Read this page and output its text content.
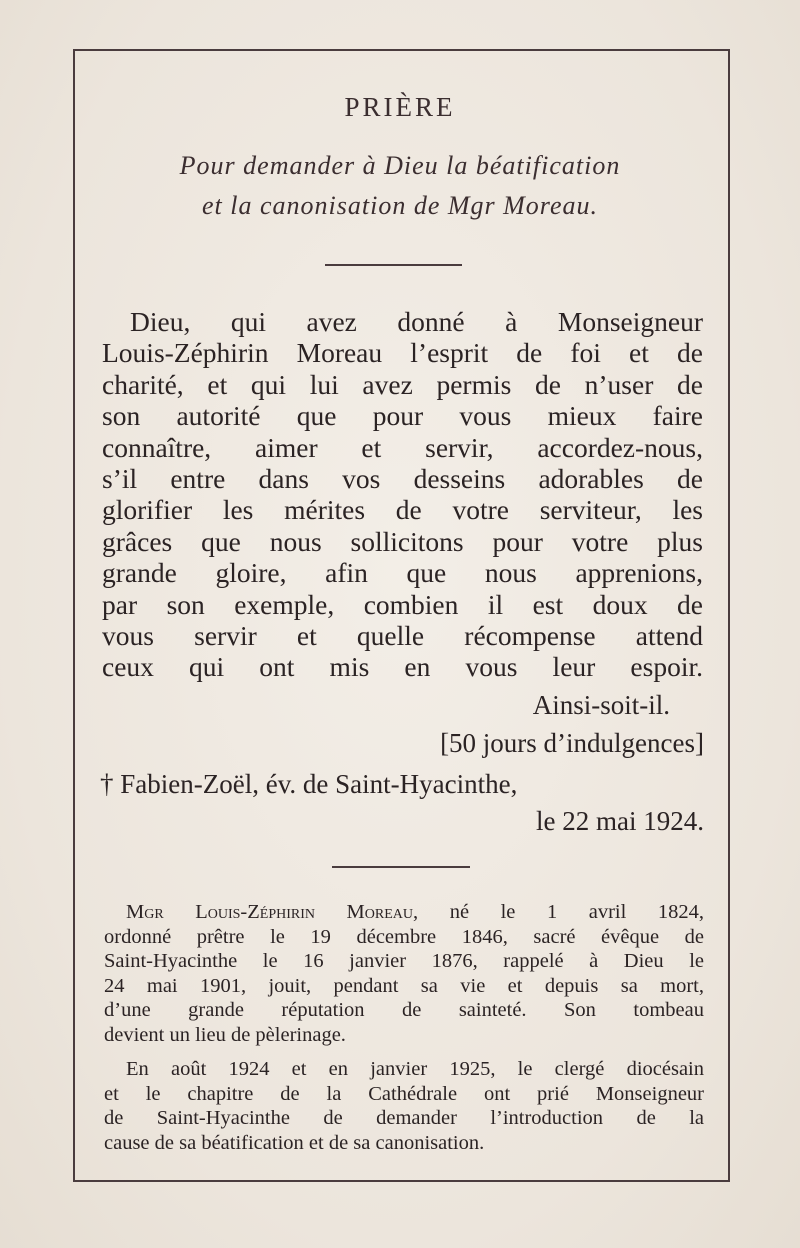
PRIÈRE
Pour demander à Dieu la béatification
et la canonisation de Mgr Moreau.
Dieu, qui avez donné à Monseigneur
Louis-Zéphirin Moreau l’esprit de foi et de
charité, et qui lui avez permis de n’user de
son autorité que pour vous mieux faire
connaître, aimer et servir, accordez-nous,
s’il entre dans vos desseins adorables de
glorifier les mérites de votre serviteur, les
grâces que nous sollicitons pour votre plus
grande gloire, afin que nous apprenions,
par son exemple, combien il est doux de
vous servir et quelle récompense attend
ceux qui ont mis en vous leur espoir.
Ainsi-soit-il.
[50 jours d’indulgences]
† Fabien-Zoël, év. de Saint-Hyacinthe,
le 22 mai 1924.

Mgr Louis-Zéphirin Moreau, né le 1 avril 1824,
ordonné prêtre le 19 décembre 1846, sacré évêque de
Saint-Hyacinthe le 16 janvier 1876, rappelé à Dieu le
24 mai 1901, jouit, pendant sa vie et depuis sa mort,
d’une grande réputation de sainteté. Son tombeau
devient un lieu de pèlerinage.

En août 1924 et en janvier 1925, le clergé diocésain
et le chapitre de la Cathédrale ont prié Monseigneur
de Saint-Hyacinthe de demander l’introduction de la
cause de sa béatification et de sa canonisation.
